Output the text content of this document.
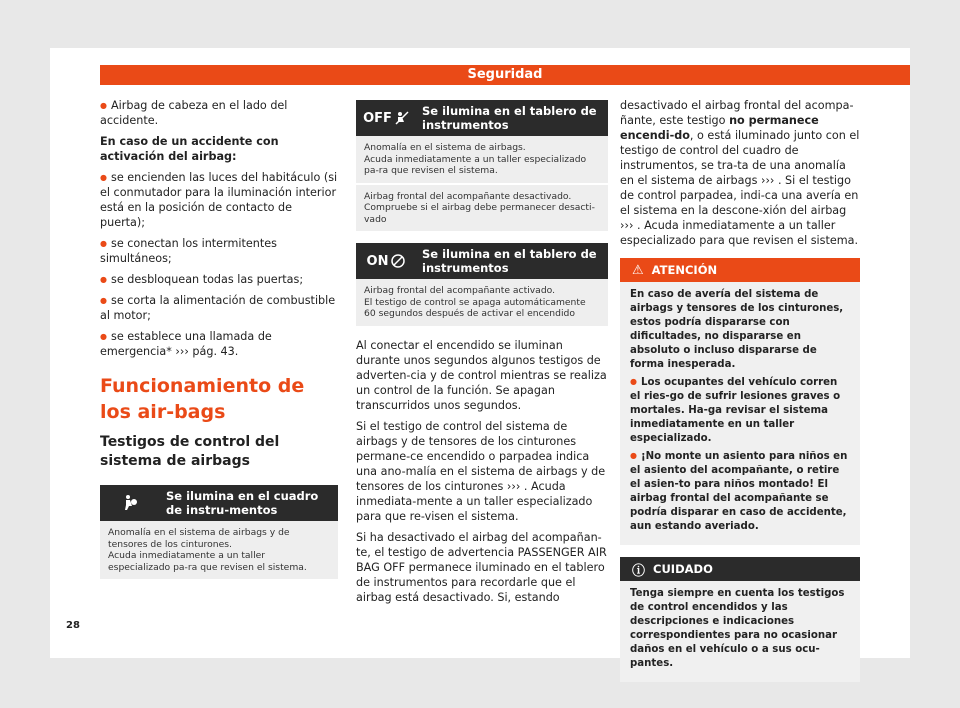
Seguridad

● Airbag de cabeza en el lado del accidente.

En caso de un accidente con activación del airbag:

● se encienden las luces del habitáculo (si el conmutador para la iluminación interior está en la posición de contacto de puerta);

● se conectan los intermitentes simultáneos;

● se desbloquean todas las puertas;

● se corta la alimentación de combustible al motor;

● se establece una llamada de emergencia* ››› pág. 43.

Funcionamiento de los air-bags
Testigos de control del sistema de airbags
Se ilumina en el cuadro de instru-mentos
Anomalía en el sistema de airbags y de tensores de los cinturones.
Acuda inmediatamente a un taller especializado pa-ra que revisen el sistema.
OFF	Se ilumina en el tablero de instrumentos
Anomalía en el sistema de airbags.
Acuda inmediatamente a un taller especializado pa-ra que revisen el sistema.
Airbag frontal del acompañante desactivado.
Compruebe si el airbag debe permanecer desacti-vado
ON	Se ilumina en el tablero de instrumentos
Airbag frontal del acompañante activado.
El testigo de control se apaga automáticamente 60 segundos después de activar el encendido

Al conectar el encendido se iluminan durante unos segundos algunos testigos de adverten-cia y de control mientras se realiza un control de la función. Se apagan transcurridos unos segundos.

Si el testigo de control del sistema de airbags y de tensores de los cinturones permane-ce encendido o parpadea indica una ano-malía en el sistema de airbags y de tensores de los cinturones ››› . Acuda inmediata-mente a un taller especializado para que re-visen el sistema.

Si ha desactivado el airbag del acompañan-te, el testigo de advertencia PASSENGER AIR BAG OFF permanece iluminado en el tablero de instrumentos para recordarle que el airbag está desactivado. Si, estando

desactivado el airbag frontal del acompa-ñante, este testigo no permanece encendi-do, o está iluminado junto con el testigo de control del cuadro de instrumentos, se tra-ta de una anomalía en el sistema de airbags ››› . Si el testigo de control parpadea, indi-ca una avería en el sistema en la descone-xión del airbag ››› . Acuda inmediatamente a un taller especializado para que revisen el sistema.

⚠ ATENCIÓN

En caso de avería del sistema de airbags y tensores de los cinturones, estos podría dispararse con dificultades, no dispararse en absoluto o incluso dispararse de forma inesperada.

● Los ocupantes del vehículo corren el ries-go de sufrir lesiones graves o mortales. Ha-ga revisar el sistema inmediatamente en un taller especializado.

● ¡No monte un asiento para niños en el asiento del acompañante, o retire el asien-to para niños montado! El airbag frontal del acompañante se podría disparar en caso de accidente, aun estando averiado.

ⓘ CUIDADO

Tenga siempre en cuenta los testigos de control encendidos y las descripciones e indicaciones correspondientes para no ocasionar daños en el vehículo o a sus ocu-pantes.

28
